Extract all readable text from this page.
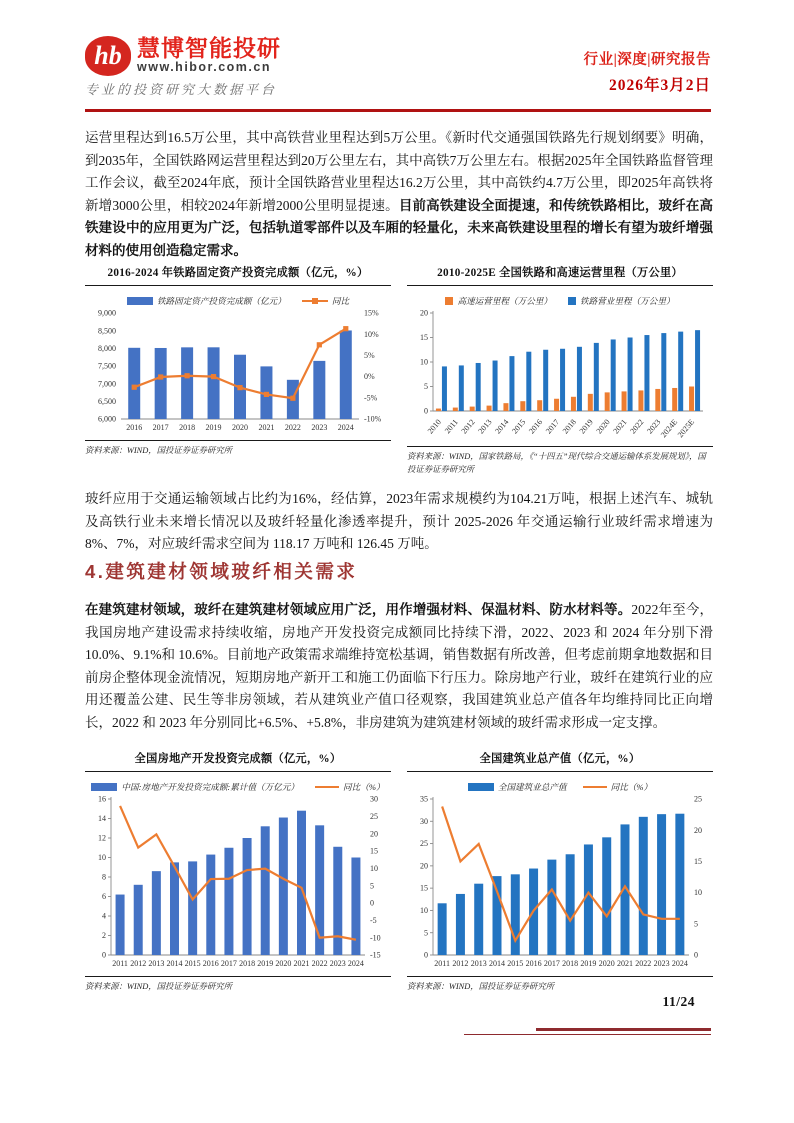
hb 慧博智能投研
www.hibor.com.cn
专业的投资研究大数据平台
行业|深度|研究报告
2026年3月2日

运营里程达到16.5万公里，其中高铁营业里程达到5万公里。《新时代交通强国铁路先行规划纲要》明确，到2035年，全国铁路网运营里程达到20万公里左右，其中高铁7万公里左右。根据2025年全国铁路监督管理工作会议，截至2024年底，预计全国铁路营业里程达16.2万公里，其中高铁约4.7万公里，即2025年高铁将新增3000公里，相较2024年新增2000公里明显提速。目前高铁建设全面提速，和传统铁路相比，玻纤在高铁建设中的应用更为广泛，包括轨道零部件以及车厢的轻量化，未来高铁建设里程的增长有望为玻纤增强材料的使用创造稳定需求。

2016-2024 年铁路固定资产投资完成额（亿元，%）
铁路固定资产投资完成额（亿元）	同比
6,000
6,500
7,000
7,500
8,000
8,500
9,000
-10%
-5%
0%
5%
10%
15%
2016 2017 2018 2019 2020 2021 2022 2023 2024
资料来源：WIND，国投证券证券研究所
2010-2025E 全国铁路和高速运营里程（万公里）
高速运营里程（万公里）	铁路营业里程（万公里）
0
5
10
15
20
2010 2011 2012 2013 2014 2015 2016 2017 2018 2019 2020 2021 2022 2023
2024E
2025E
资料来源：WIND，国家铁路局，《“十四五”现代综合交通运输体系发展规划》，国投证券证券研究所

玻纤应用于交通运输领域占比约为16%，经估算，2023年需求规模约为104.21万吨，根据上述汽车、城轨及高铁行业未来增长情况以及玻纤轻量化渗透率提升，预计 2025-2026 年交通运输行业玻纤需求增速为8%、7%，对应玻纤需求空间为 118.17 万吨和 126.45 万吨。

4.建筑建材领域玻纤相关需求

在建筑建材领域，玻纤在建筑建材领域应用广泛，用作增强材料、保温材料、防水材料等。2022年至今，我国房地产建设需求持续收缩，房地产开发投资完成额同比持续下滑，2022、2023 和 2024 年分别下滑 10.0%、9.1%和 10.6%。目前地产政策需求端维持宽松基调，销售数据有所改善，但考虑前期拿地数据和目前房企整体现金流情况，短期房地产新开工和施工仍面临下行压力。除房地产行业，玻纤在建筑行业的应用还覆盖公建、民生等非房领域，若从建筑业产值口径观察，我国建筑业总产值各年均维持同比正向增长，2022 和 2023 年分别同比+6.5%、+5.8%，非房建筑为建筑建材领域的玻纤需求形成一定支撑。

全国房地产开发投资完成额（亿元，%）
中国:房地产开发投资完成额:累计值（万亿元）	同比（%）
0
2
4
6
8
10
12
14
16
-15
-10
-5
0
5
10
15
20
25
30
2011 2012 2013 2014 2015 2016 2017 2018 2019 2020 2021 2022 2023 2024
资料来源：WIND，国投证券证券研究所
全国建筑业总产值（亿元，%）
全国建筑业总产值	同比（%）
0
5
10
15
20
25
30
35
0
5
10
15
20
25
2011 2012 2013 2014 2015 2016 2017 2018 2019 2020 2021 2022 2023 2024
资料来源：WIND，国投证券证券研究所
11/24
